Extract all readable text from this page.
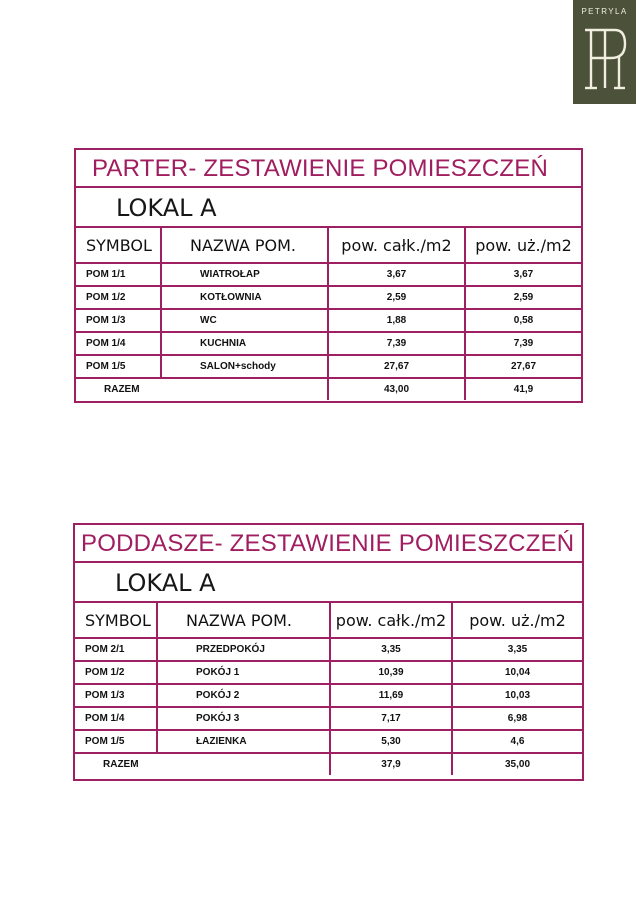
PETRYLA
PARTER- ZESTAWIENIE POMIESZCZEŃ
LOKAL A
SYMBOL	NAZWA POM.	pow. całk./m2	pow. uż./m2
POM 1/1	WIATROŁAP	3,67	3,67
POM 1/2	KOTŁOWNIA	2,59	2,59
POM 1/3	WC	1,88	0,58
POM 1/4	KUCHNIA	7,39	7,39
POM 1/5	SALON+schody	27,67	27,67
RAZEM		43,00	41,9
PODDASZE- ZESTAWIENIE POMIESZCZEŃ
LOKAL A
SYMBOL	NAZWA POM.	pow. całk./m2	pow. uż./m2
POM 2/1	PRZEDPOKÓJ	3,35	3,35
POM 1/2	POKÓJ 1	10,39	10,04
POM 1/3	POKÓJ 2	11,69	10,03
POM 1/4	POKÓJ 3	7,17	6,98
POM 1/5	ŁAZIENKA	5,30	4,6
RAZEM		37,9	35,00
